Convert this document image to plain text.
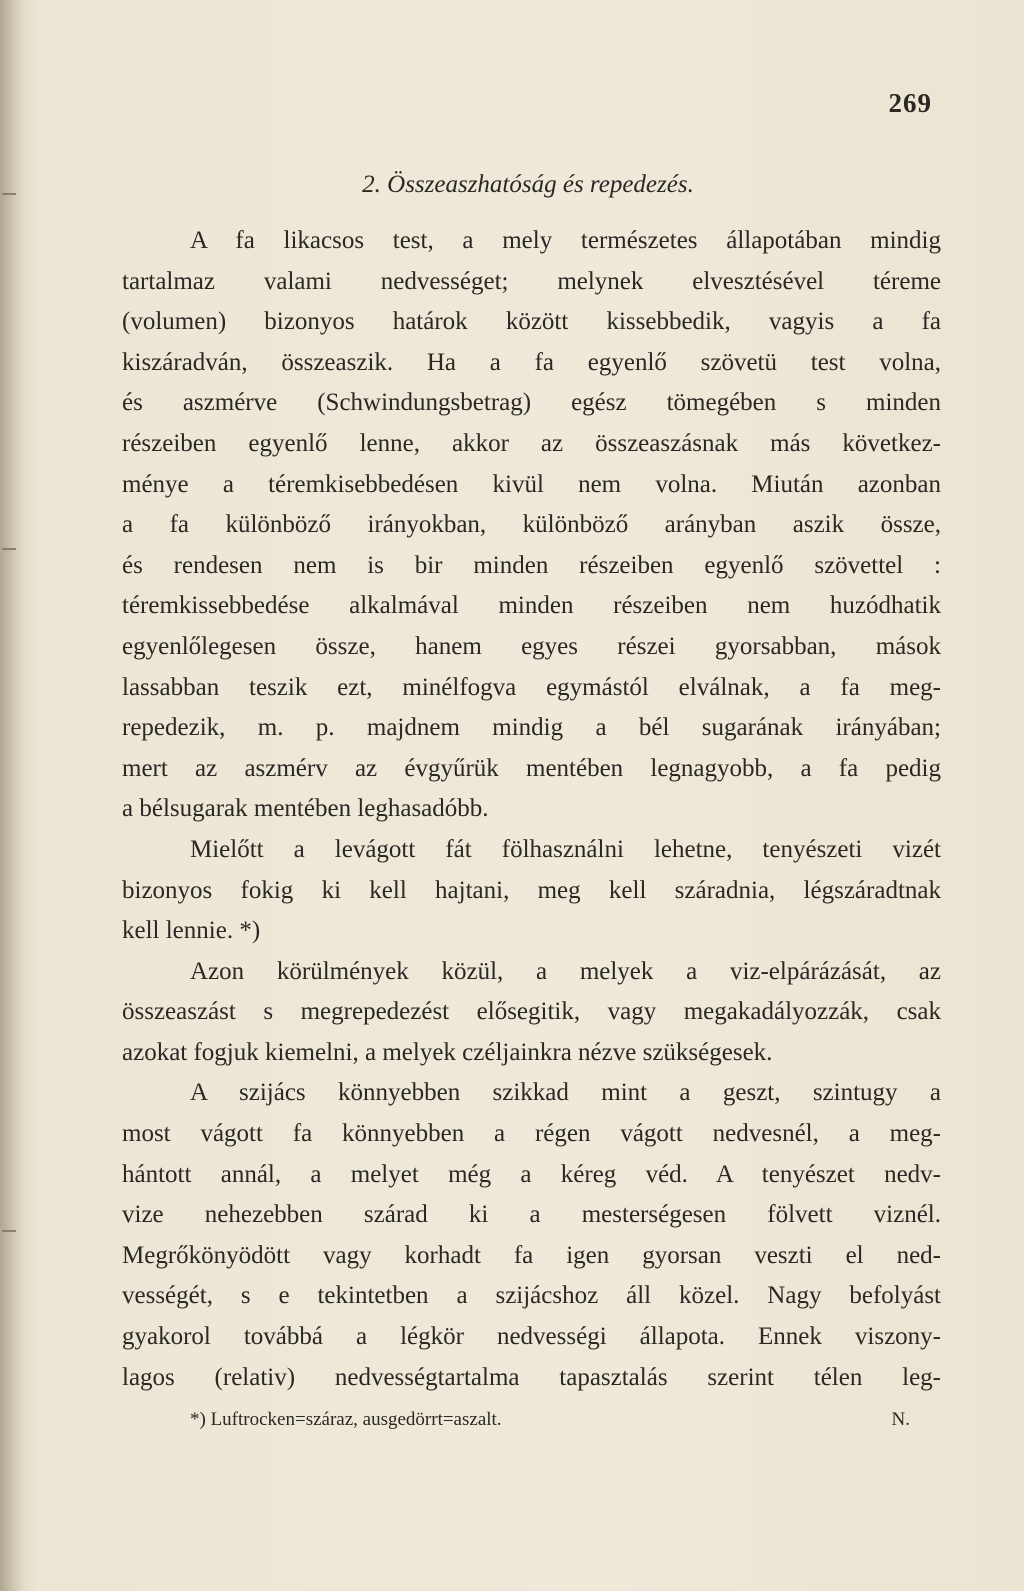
269
2. Összeaszhatóság és repedezés.
A fa likacsos test, a mely természetes állapotában mindig
tartalmaz valami nedvességet; melynek elvesztésével téreme
(volumen) bizonyos határok között kissebbedik, vagyis a fa
kiszáradván, összeaszik. Ha a fa egyenlő szövetü test volna,
és aszmérve (Schwindungsbetrag) egész tömegében s minden
részeiben egyenlő lenne, akkor az összeaszásnak más következ-
ménye a téremkisebbedésen kivül nem volna. Miután azonban
a fa különböző irányokban, különböző arányban aszik össze,
és rendesen nem is bir minden részeiben egyenlő szövettel :
téremkissebbedése alkalmával minden részeiben nem huzódhatik
egyenlőlegesen össze, hanem egyes részei gyorsabban, mások
lassabban teszik ezt, minélfogva egymástól elválnak, a fa meg-
repedezik, m. p. majdnem mindig a bél sugarának irányában;
mert az aszmérv az évgyűrük mentében legnagyobb, a fa pedig
a bélsugarak mentében leghasadóbb.
Mielőtt a levágott fát fölhasználni lehetne, tenyészeti vizét
bizonyos fokig ki kell hajtani, meg kell száradnia, légszáradtnak
kell lennie. *)
Azon körülmények közül, a melyek a viz-elpárázását, az
összeaszást s megrepedezést elősegitik, vagy megakadályozzák, csak
azokat fogjuk kiemelni, a melyek czéljainkra nézve szükségesek.
A szijács könnyebben szikkad mint a geszt, szintugy a
most vágott fa könnyebben a régen vágott nedvesnél, a meg-
hántott annál, a melyet még a kéreg véd. A tenyészet nedv-
vize nehezebben szárad ki a mesterségesen fölvett viznél.
Megrőkönyödött vagy korhadt fa igen gyorsan veszti el ned-
vességét, s e tekintetben a szijácshoz áll közel. Nagy befolyást
gyakorol továbbá a légkör nedvességi állapota. Ennek viszony-
lagos (relativ) nedvességtartalma tapasztalás szerint télen leg-
*) Luftrocken=száraz, ausgedörrt=aszalt.	N.
